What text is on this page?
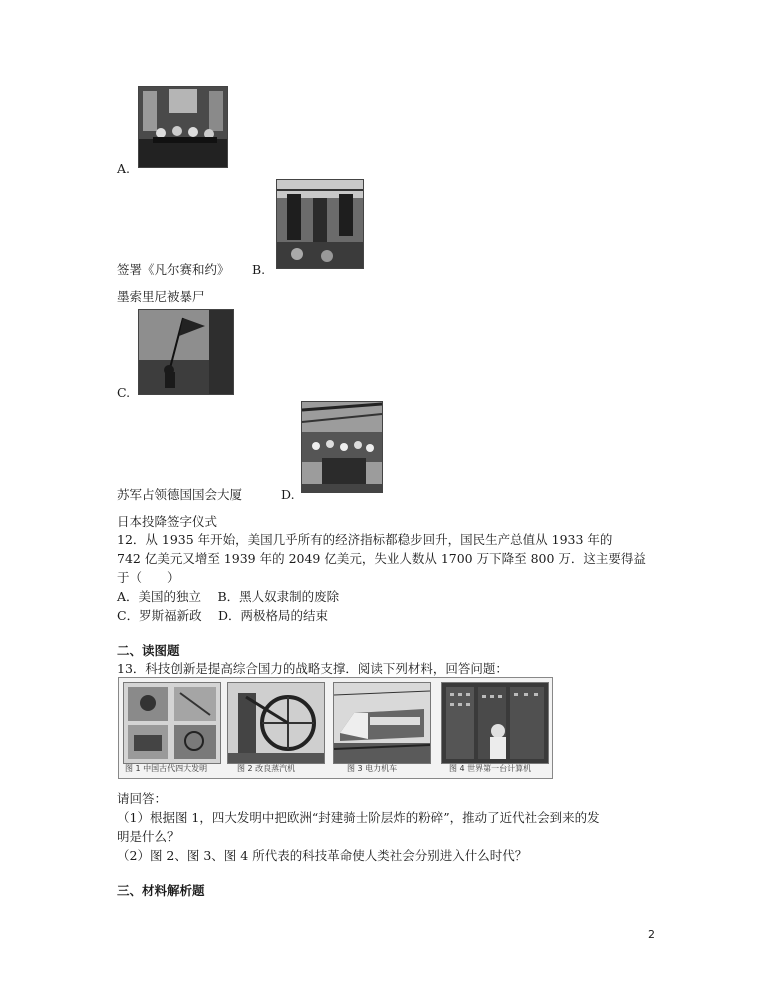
A.
签署《凡尔赛和约》 B.
墨索里尼被暴尸
C.
苏军占领德国国会大厦	D.
日本投降签字仪式
12．从 1935 年开始，美国几乎所有的经济指标都稳步回升，国民生产总值从 1933 年的
742 亿美元又增至 1939 年的 2049 亿美元，失业人数从 1700 万下降至 800 万．这主要得益
于（　　）
A．美国的独立　 B．黑人奴隶制的废除
C．罗斯福新政　 D．两极格局的结束
二、读图题
13．科技创新是提高综合国力的战略支撑．阅读下列材料，回答问题：
图 1 中国古代四大发明	图 2 改良蒸汽机	图 3 电力机车	图 4 世界第一台计算机
请回答：
（1）根据图 1，四大发明中把欧洲“封建骑士阶层炸的粉碎”，推动了近代社会到来的发
明是什么？
（2）图 2、图 3、图 4 所代表的科技革命使人类社会分别进入什么时代？
三、材料解析题
2
